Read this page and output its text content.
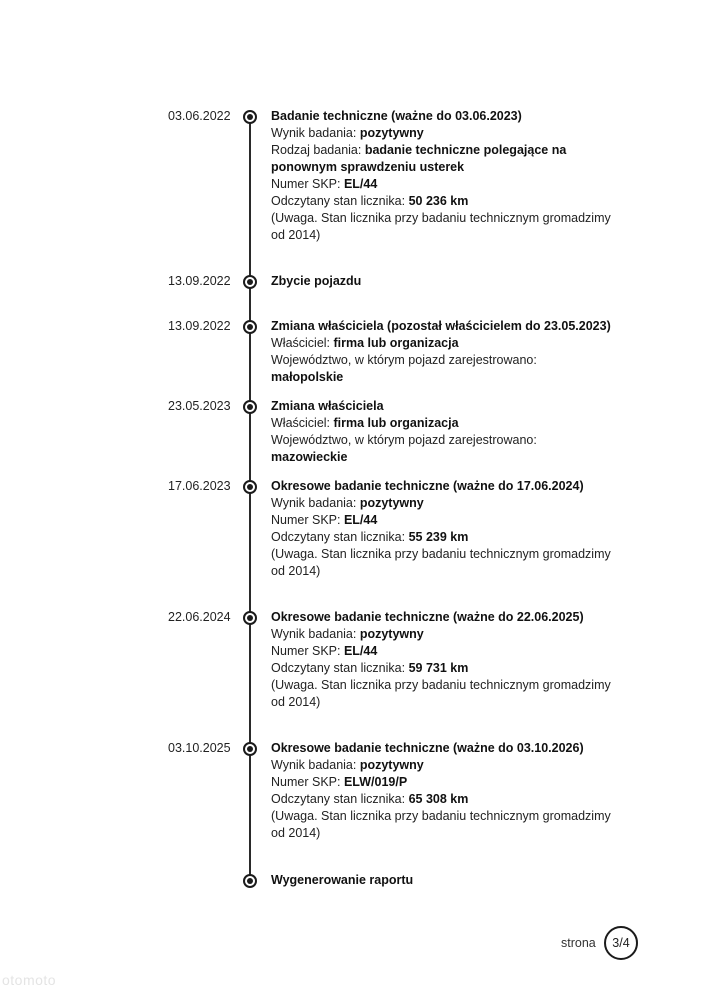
03.06.2022	Badanie techniczne (ważne do 03.06.2023)
Wynik badania: pozytywny
Rodzaj badania: badanie techniczne polegające na ponownym sprawdzeniu usterek
Numer SKP: EL/44
Odczytany stan licznika: 50 236 km
(Uwaga. Stan licznika przy badaniu technicznym gromadzimy od 2014)
13.09.2022	Zbycie pojazdu
13.09.2022	Zmiana właściciela (pozostał właścicielem do 23.05.2023)
Właściciel: firma lub organizacja
Województwo, w którym pojazd zarejestrowano: małopolskie
23.05.2023	Zmiana właściciela
Właściciel: firma lub organizacja
Województwo, w którym pojazd zarejestrowano: mazowieckie
17.06.2023	Okresowe badanie techniczne (ważne do 17.06.2024)
Wynik badania: pozytywny
Numer SKP: EL/44
Odczytany stan licznika: 55 239 km
(Uwaga. Stan licznika przy badaniu technicznym gromadzimy od 2014)
22.06.2024	Okresowe badanie techniczne (ważne do 22.06.2025)
Wynik badania: pozytywny
Numer SKP: EL/44
Odczytany stan licznika: 59 731 km
(Uwaga. Stan licznika przy badaniu technicznym gromadzimy od 2014)
03.10.2025	Okresowe badanie techniczne (ważne do 03.10.2026)
Wynik badania: pozytywny
Numer SKP: ELW/019/P
Odczytany stan licznika: 65 308 km
(Uwaga. Stan licznika przy badaniu technicznym gromadzimy od 2014)
Wygenerowanie raportu
strona	3/4
otomoto
